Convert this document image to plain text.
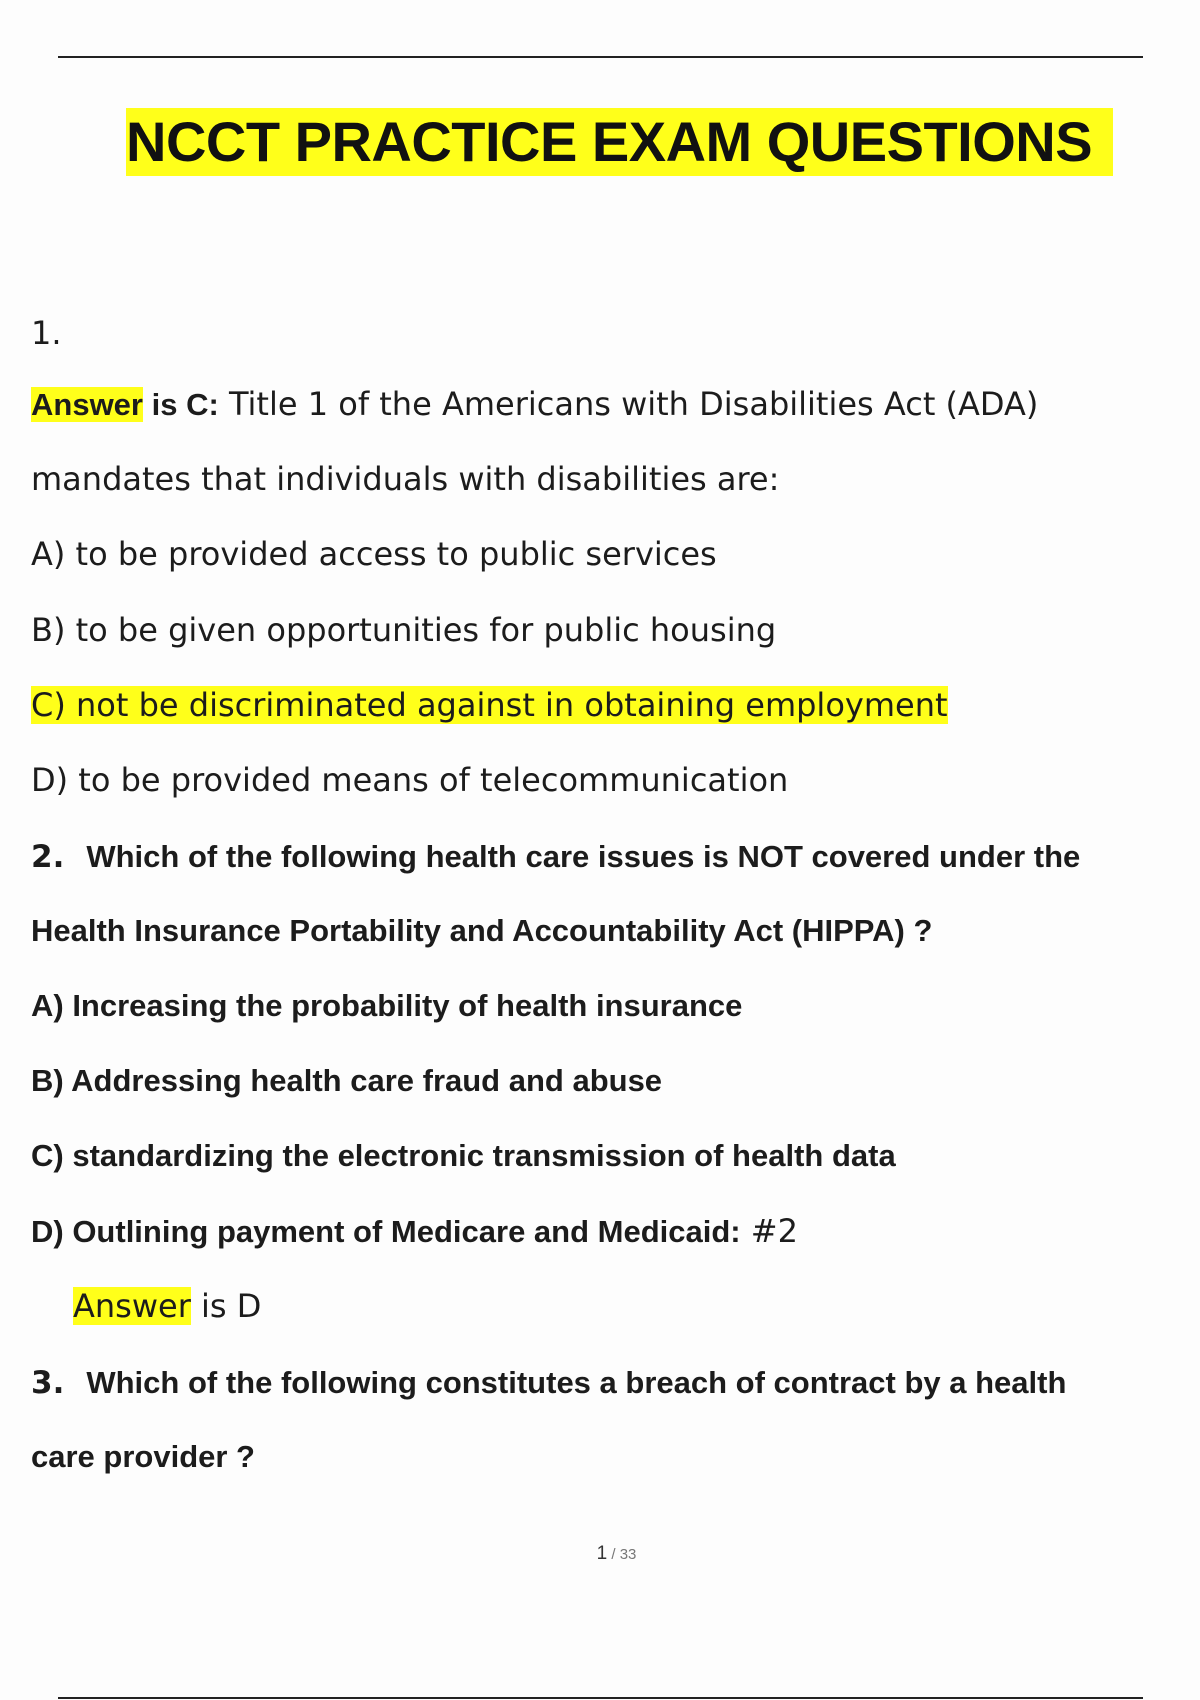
NCCT PRACTICE EXAM QUESTIONS
1.
Answer is C: Title 1 of the Americans with Disabilities Act (ADA)
mandates that individuals with disabilities are:
A) to be provided access to public services
B) to be given opportunities for public housing
C) not be discriminated against in obtaining employment
D) to be provided means of telecommunication
2. Which of the following health care issues is NOT covered under the
Health Insurance Portability and Accountability Act (HIPPA) ?
A) Increasing the probability of health insurance
B) Addressing health care fraud and abuse
C) standardizing the electronic transmission of health data
D) Outlining payment of Medicare and Medicaid: #2
Answer is D
3. Which of the following constitutes a breach of contract by a health
care provider ?
1 / 33
